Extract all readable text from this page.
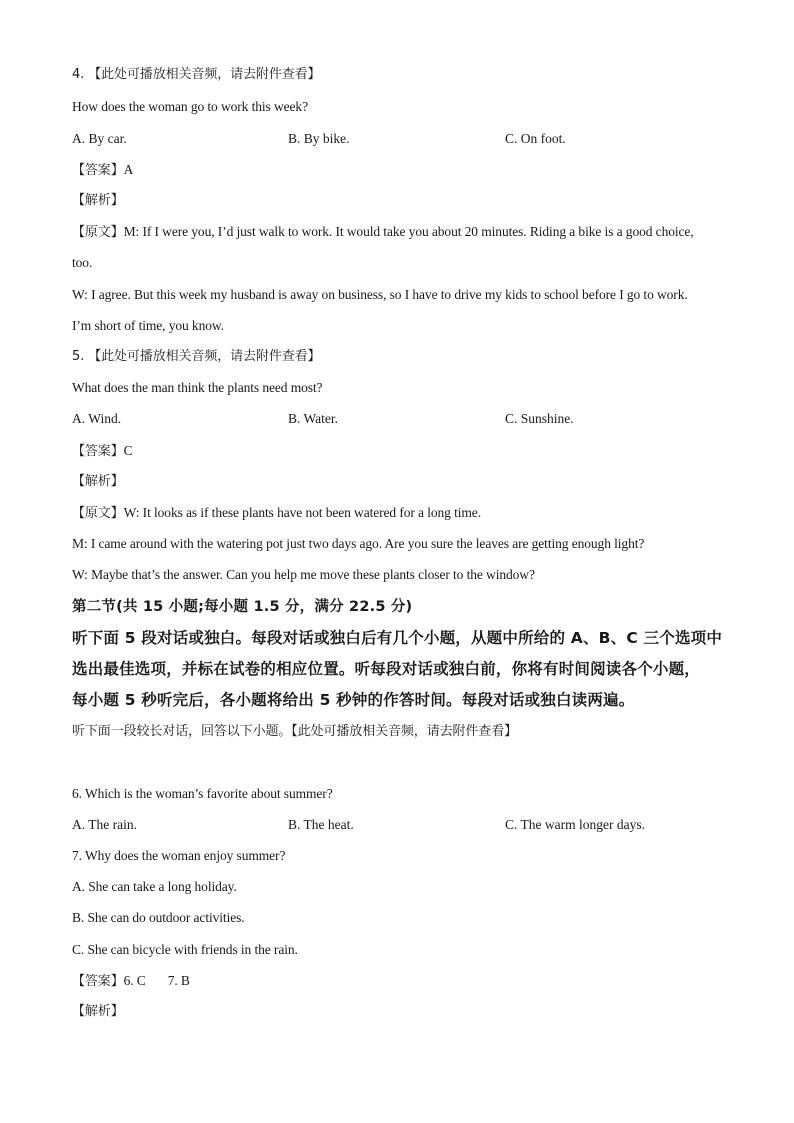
4. 【此处可播放相关音频，请去附件查看】
How does the woman go to work this week?
A. By car.	B. By bike.	C. On foot.
【答案】A
【解析】
【原文】M: If I were you, I’d just walk to work. It would take you about 20 minutes. Riding a bike is a good choice,
too.
W: I agree. But this week my husband is away on business, so I have to drive my kids to school before I go to work.
I’m short of time, you know.
5. 【此处可播放相关音频，请去附件查看】
What does the man think the plants need most?
A. Wind.	B. Water.	C. Sunshine.
【答案】C
【解析】
【原文】W: It looks as if these plants have not been watered for a long time.
M: I came around with the watering pot just two days ago. Are you sure the leaves are getting enough light?
W: Maybe that’s the answer. Can you help me move these plants closer to the window?
第二节(共 15 小题;每小题 1.5 分，满分 22.5 分)
听下面 5 段对话或独白。每段对话或独白后有几个小题，从题中所给的 A、B、C 三个选项中
选出最佳选项，并标在试卷的相应位置。听每段对话或独白前，你将有时间阅读各个小题，
每小题 5 秒听完后，各小题将给出 5 秒钟的作答时间。每段对话或独白读两遍。
听下面一段较长对话，回答以下小题。【此处可播放相关音频，请去附件查看】
6. Which is the woman’s favorite about summer?
A. The rain.	B. The heat.	C. The warm longer days.
7. Why does the woman enjoy summer?
A. She can take a long holiday.
B. She can do outdoor activities.
C. She can bicycle with friends in the rain.
【答案】6. C 7. B
【解析】
